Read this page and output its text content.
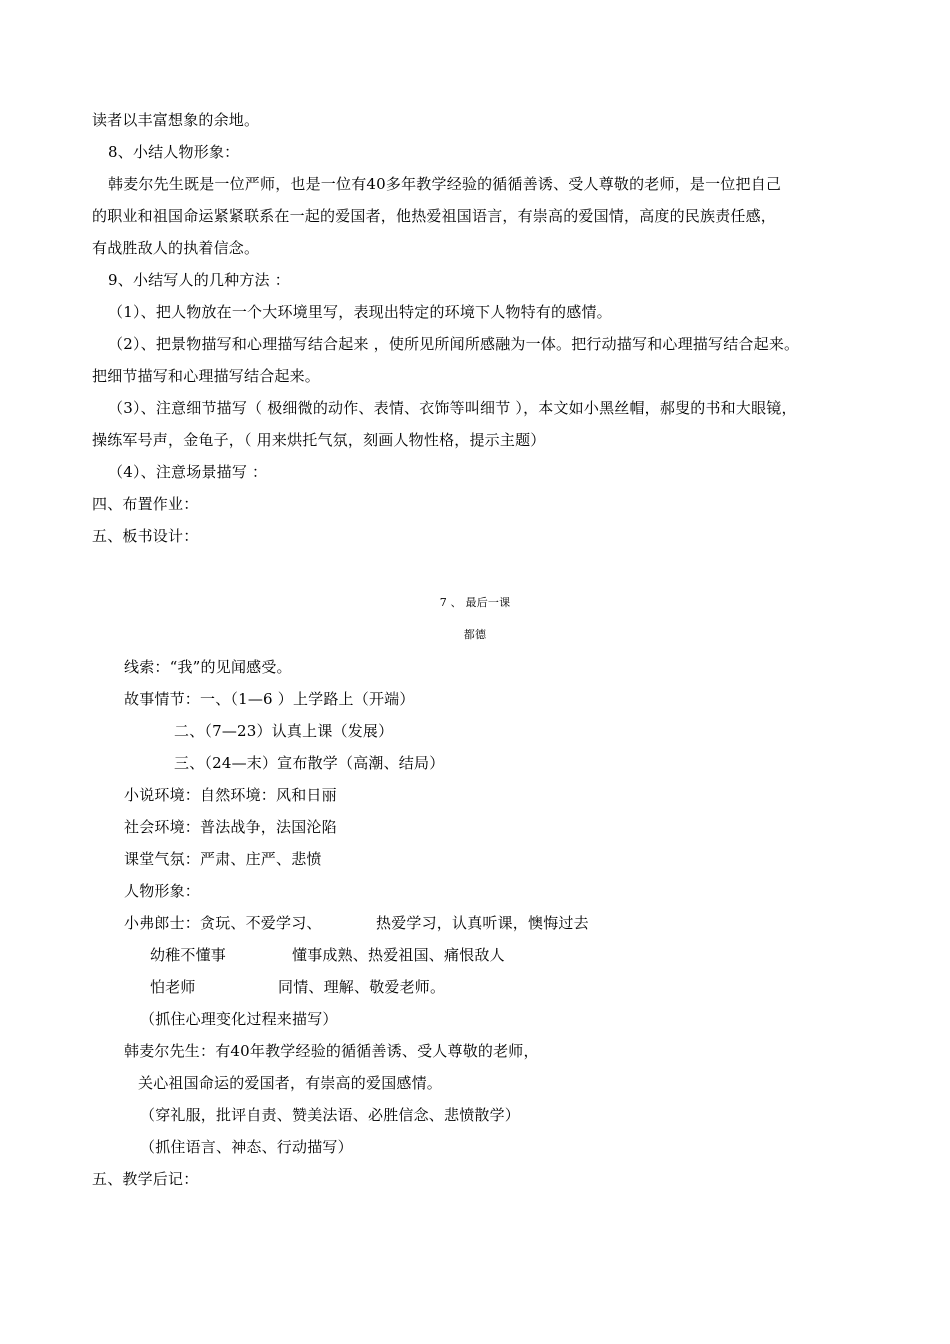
读者以丰富想象的余地。
8、小结人物形象：
韩麦尔先生既是一位严师，也是一位有40多年教学经验的循循善诱、受人尊敬的老师，是一位把自己
的职业和祖国命运紧紧联系在一起的爱国者，他热爱祖国语言，有崇高的爱国情，高度的民族责任感，
有战胜敌人的执着信念。
9、小结写人的几种方法 ：
（1）、把人物放在一个大环境里写，表现出特定的环境下人物特有的感情。
（2）、把景物描写和心理描写结合起来 ，使所见所闻所感融为一体。把行动描写和心理描写结合起来。
把细节描写和心理描写结合起来。
（3）、注意细节描写（ 极细微的动作、表情、衣饰等叫细节 ），本文如小黑丝帽，郝叟的书和大眼镜，
操练军号声，金龟子，（ 用来烘托气氛，刻画人物性格，提示主题）
（4）、注意场景描写 ：
四、布置作业：
五、板书设计：
7 、 最后一课
都德
线索：“我”的见闻感受。
故事情节：一、（1—6 ）上学路上（开端）
二、（7—23）认真上课（发展）
三、（24—末）宣布散学（高潮、结局）
小说环境：自然环境：风和日丽
社会环境：普法战争，法国沦陷
课堂气氛：严肃、庄严、悲愤
人物形象：
小弗郎士：贪玩、不爱学习、	热爱学习，认真听课，懊悔过去
幼稚不懂事	懂事成熟、热爱祖国、痛恨敌人
怕老师	同情、理解、敬爱老师。
（抓住心理变化过程来描写）
韩麦尔先生：有40年教学经验的循循善诱、受人尊敬的老师，
关心祖国命运的爱国者，有崇高的爱国感情。
（穿礼服，批评自责、赞美法语、必胜信念、悲愤散学）
（抓住语言、神态、行动描写）
五、教学后记：
